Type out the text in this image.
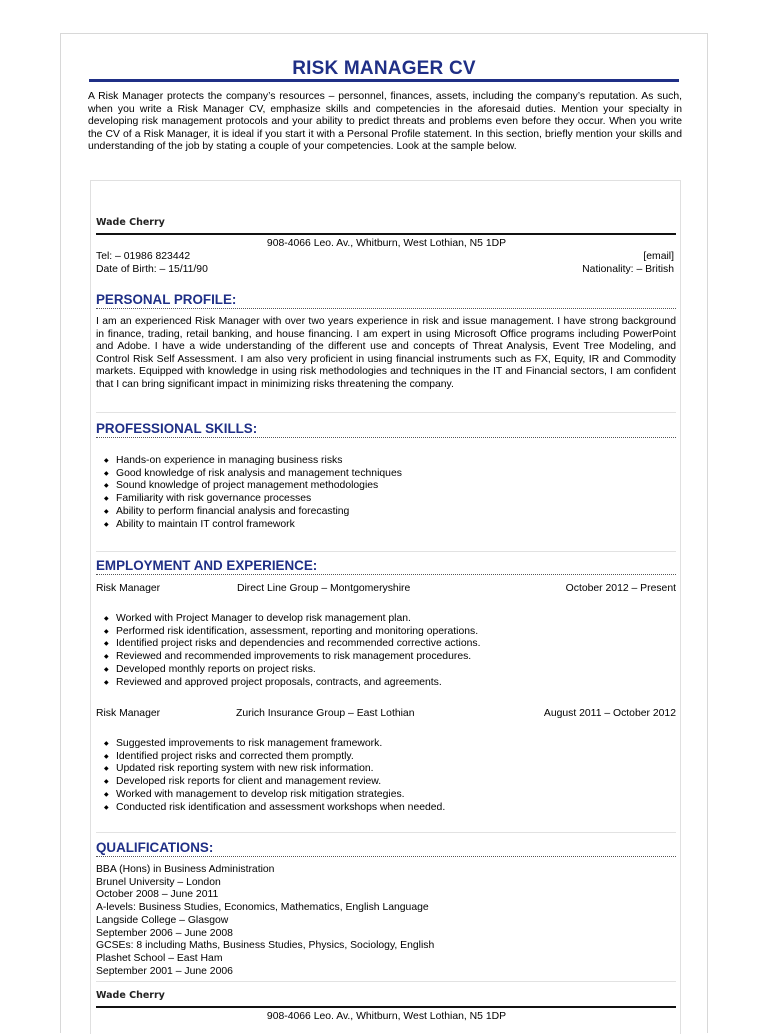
RISK MANAGER CV

A Risk Manager protects the company’s resources – personnel, finances, assets, including the company’s reputation. As such, when you write a Risk Manager CV, emphasize skills and competencies in the aforesaid duties. Mention your specialty in developing risk management protocols and your ability to predict threats and problems even before they occur. When you write the CV of a Risk Manager, it is ideal if you start it with a Personal Profile statement. In this section, briefly mention your skills and understanding of the job by stating a couple of your competencies. Look at the sample below.

Wade Cherry
908-4066 Leo. Av., Whitburn, West Lothian, N5 1DP
Tel: – 01986 823442	[email]
Date of Birth: – 15/11/90	Nationality: – British
PERSONAL PROFILE:

I am an experienced Risk Manager with over two years experience in risk and issue management. I have strong background in finance, trading, retail banking, and house financing. I am expert in using Microsoft Office programs including PowerPoint and Adobe. I have a wide understanding of the different use and concepts of Threat Analysis, Event Tree Modeling, and Control Risk Self Assessment. I am also very proficient in using financial instruments such as FX, Equity, IR and Commodity markets. Equipped with knowledge in using risk methodologies and techniques in the IT and Financial sectors, I am confident that I can bring significant impact in minimizing risks threatening the company.

PROFESSIONAL SKILLS:
◆ Hands-on experience in managing business risks
◆ Good knowledge of risk analysis and management techniques
◆ Sound knowledge of project management methodologies
◆ Familiarity with risk governance processes
◆ Ability to perform financial analysis and forecasting
◆ Ability to maintain IT control framework
EMPLOYMENT AND EXPERIENCE:
Risk Manager	Direct Line Group – Montgomeryshire	October 2012 – Present
◆ Worked with Project Manager to develop risk management plan.
◆ Performed risk identification, assessment, reporting and monitoring operations.
◆ Identified project risks and dependencies and recommended corrective actions.
◆ Reviewed and recommended improvements to risk management procedures.
◆ Developed monthly reports on project risks.
◆ Reviewed and approved project proposals, contracts, and agreements.
Risk Manager	Zurich Insurance Group – East Lothian	August 2011 – October 2012
◆ Suggested improvements to risk management framework.
◆ Identified project risks and corrected them promptly.
◆ Updated risk reporting system with new risk information.
◆ Developed risk reports for client and management review.
◆ Worked with management to develop risk mitigation strategies.
◆ Conducted risk identification and assessment workshops when needed.
QUALIFICATIONS:
BBA (Hons) in Business Administration
Brunel University – London
October 2008 – June 2011
A-levels: Business Studies, Economics, Mathematics, English Language
Langside College – Glasgow
September 2006 – June 2008
GCSEs: 8 including Maths, Business Studies, Physics, Sociology, English
Plashet School – East Ham
September 2001 – June 2006
Wade Cherry
908-4066 Leo. Av., Whitburn, West Lothian, N5 1DP
